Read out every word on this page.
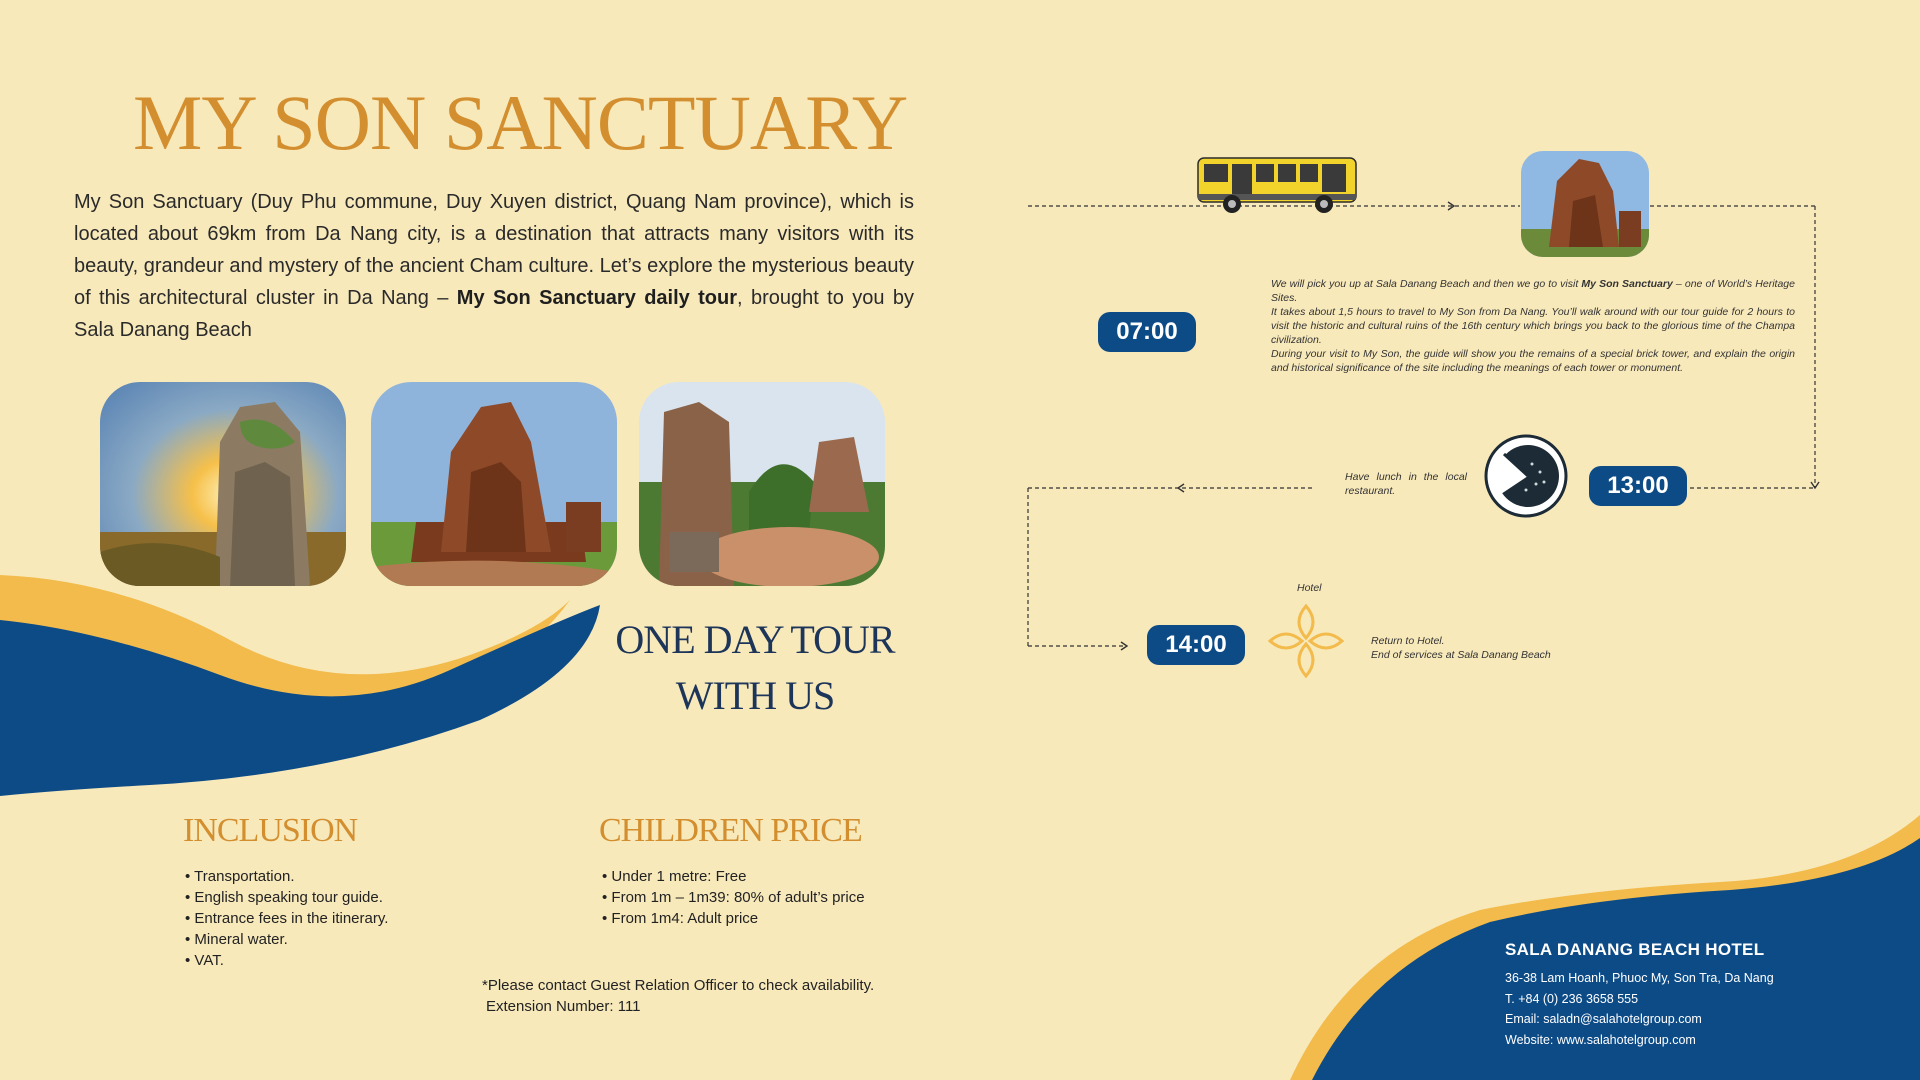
MY SON SANCTUARY
My Son Sanctuary (Duy Phu commune, Duy Xuyen district, Quang Nam province), which is located about 69km from Da Nang city, is a destination that attracts many visitors with its beauty, grandeur and mystery of the ancient Cham culture. Let’s explore the mysterious beauty of this architectural cluster in Da Nang – My Son Sanctuary daily tour, brought to you by Sala Danang Beach
ONE DAY TOUR
WITH US
INCLUSION
• Transportation.
• English speaking tour guide.
• Entrance fees in the itinerary.
• Mineral water.
• VAT.
CHILDREN PRICE
• Under 1 metre: Free
• From 1m – 1m39: 80% of adult’s price
• From 1m4: Adult price
*Please contact Guest Relation Officer to check availability.
Extension Number: 111
07:00
We will pick you up at Sala Danang Beach and then we go to visit My Son Sanctuary – one of World’s Heritage Sites.
It takes about 1,5 hours to travel to My Son from Da Nang. You’ll walk around with our tour guide for 2 hours to visit the historic and cultural ruins of the 16th century which brings you back to the glorious time of the Champa civilization.
During your visit to My Son, the guide will show you the remains of a special brick tower, and explain the origin and historical significance of the site including the meanings of each tower or monument.
Have lunch in the local restaurant.	13:00
14:00
Hotel
Return to Hotel.
End of services at Sala Danang Beach
SALA DANANG BEACH HOTEL
36-38 Lam Hoanh, Phuoc My, Son Tra, Da Nang
T. +84 (0) 236 3658 555
Email: saladn@salahotelgroup.com
Website: www.salahotelgroup.com
